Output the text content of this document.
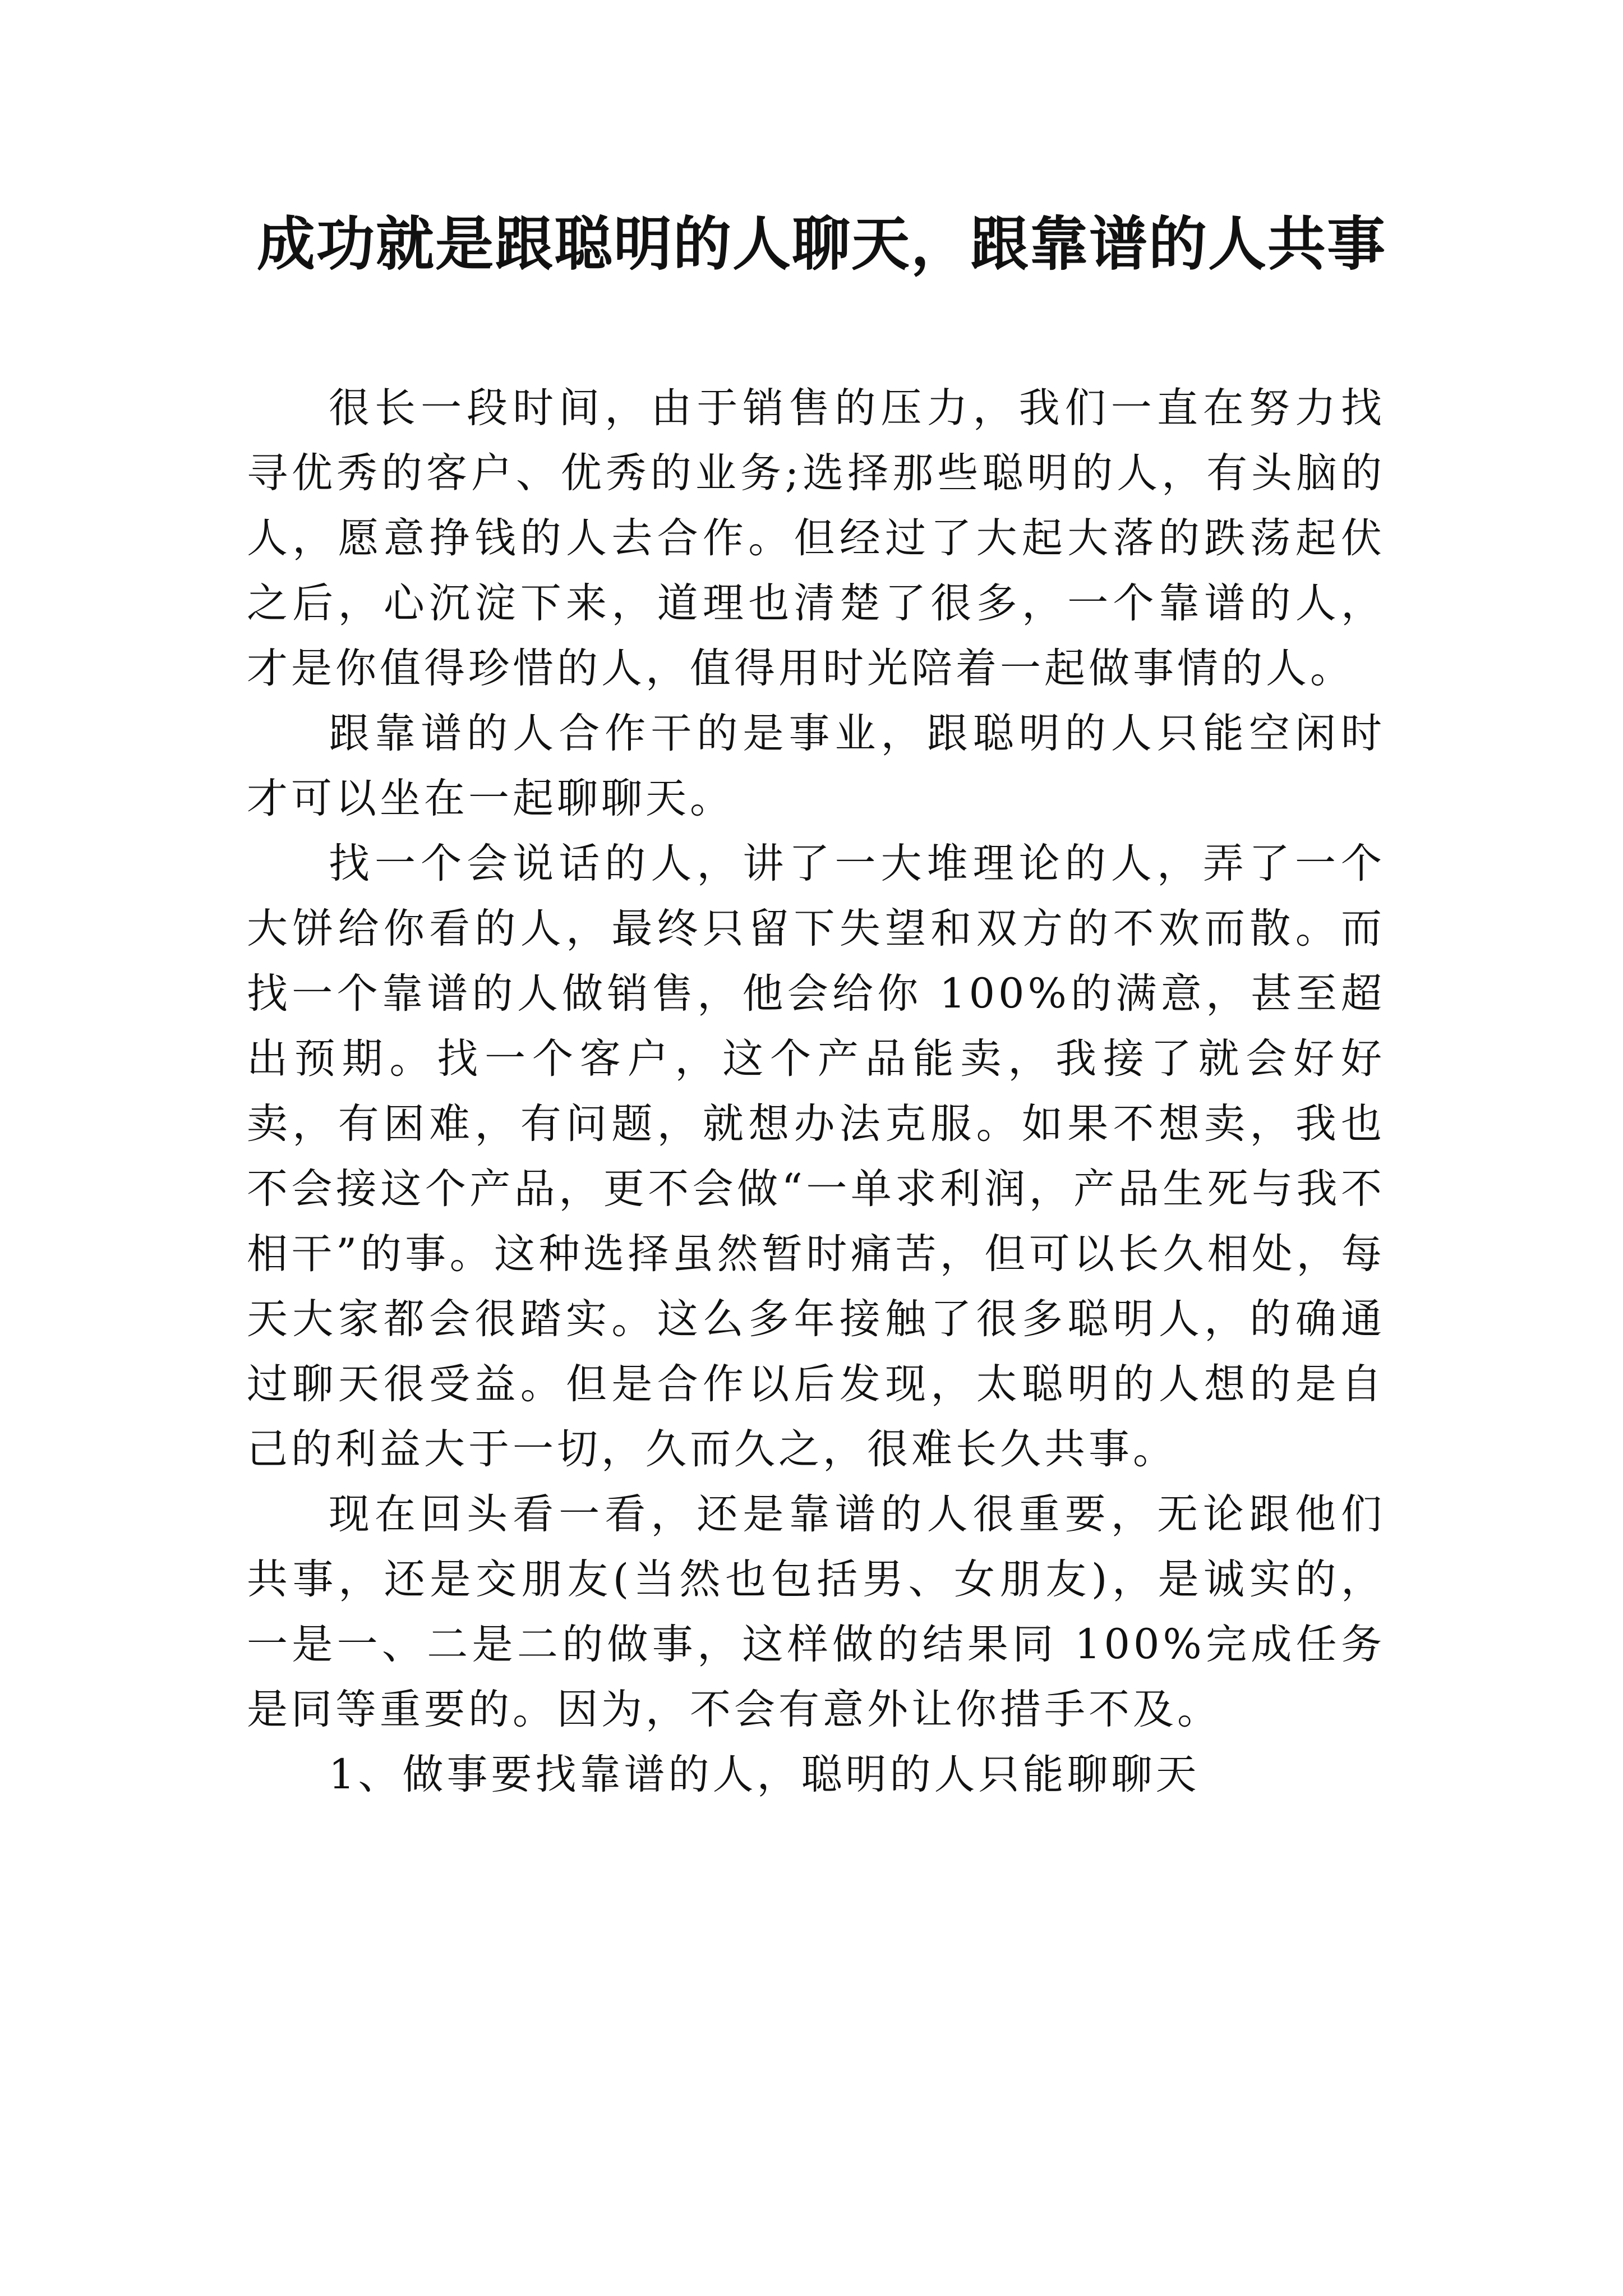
成功就是跟聪明的人聊天，跟靠谱的人共事

很长一段时间，由于销售的压力，我们一直在努力找寻优秀的客户、优秀的业务;选择那些聪明的人，有头脑的人，愿意挣钱的人去合作。但经过了大起大落的跌荡起伏之后，心沉淀下来，道理也清楚了很多，一个靠谱的人，才是你值得珍惜的人，值得用时光陪着一起做事情的人。

跟靠谱的人合作干的是事业，跟聪明的人只能空闲时才可以坐在一起聊聊天。

找一个会说话的人，讲了一大堆理论的人，弄了一个大饼给你看的人，最终只留下失望和双方的不欢而散。而找一个靠谱的人做销售，他会给你 100%的满意，甚至超出预期。找一个客户，这个产品能卖，我接了就会好好卖，有困难，有问题，就想办法克服。如果不想卖，我也不会接这个产品，更不会做“一单求利润，产品生死与我不相干”的事。这种选择虽然暂时痛苦，但可以长久相处，每天大家都会很踏实。这么多年接触了很多聪明人，的确通过聊天很受益。但是合作以后发现，太聪明的人想的是自己的利益大于一切，久而久之，很难长久共事。

现在回头看一看，还是靠谱的人很重要，无论跟他们共事，还是交朋友(当然也包括男、女朋友)，是诚实的，一是一、二是二的做事，这样做的结果同 100%完成任务是同等重要的。因为，不会有意外让你措手不及。

1、做事要找靠谱的人，聪明的人只能聊聊天
